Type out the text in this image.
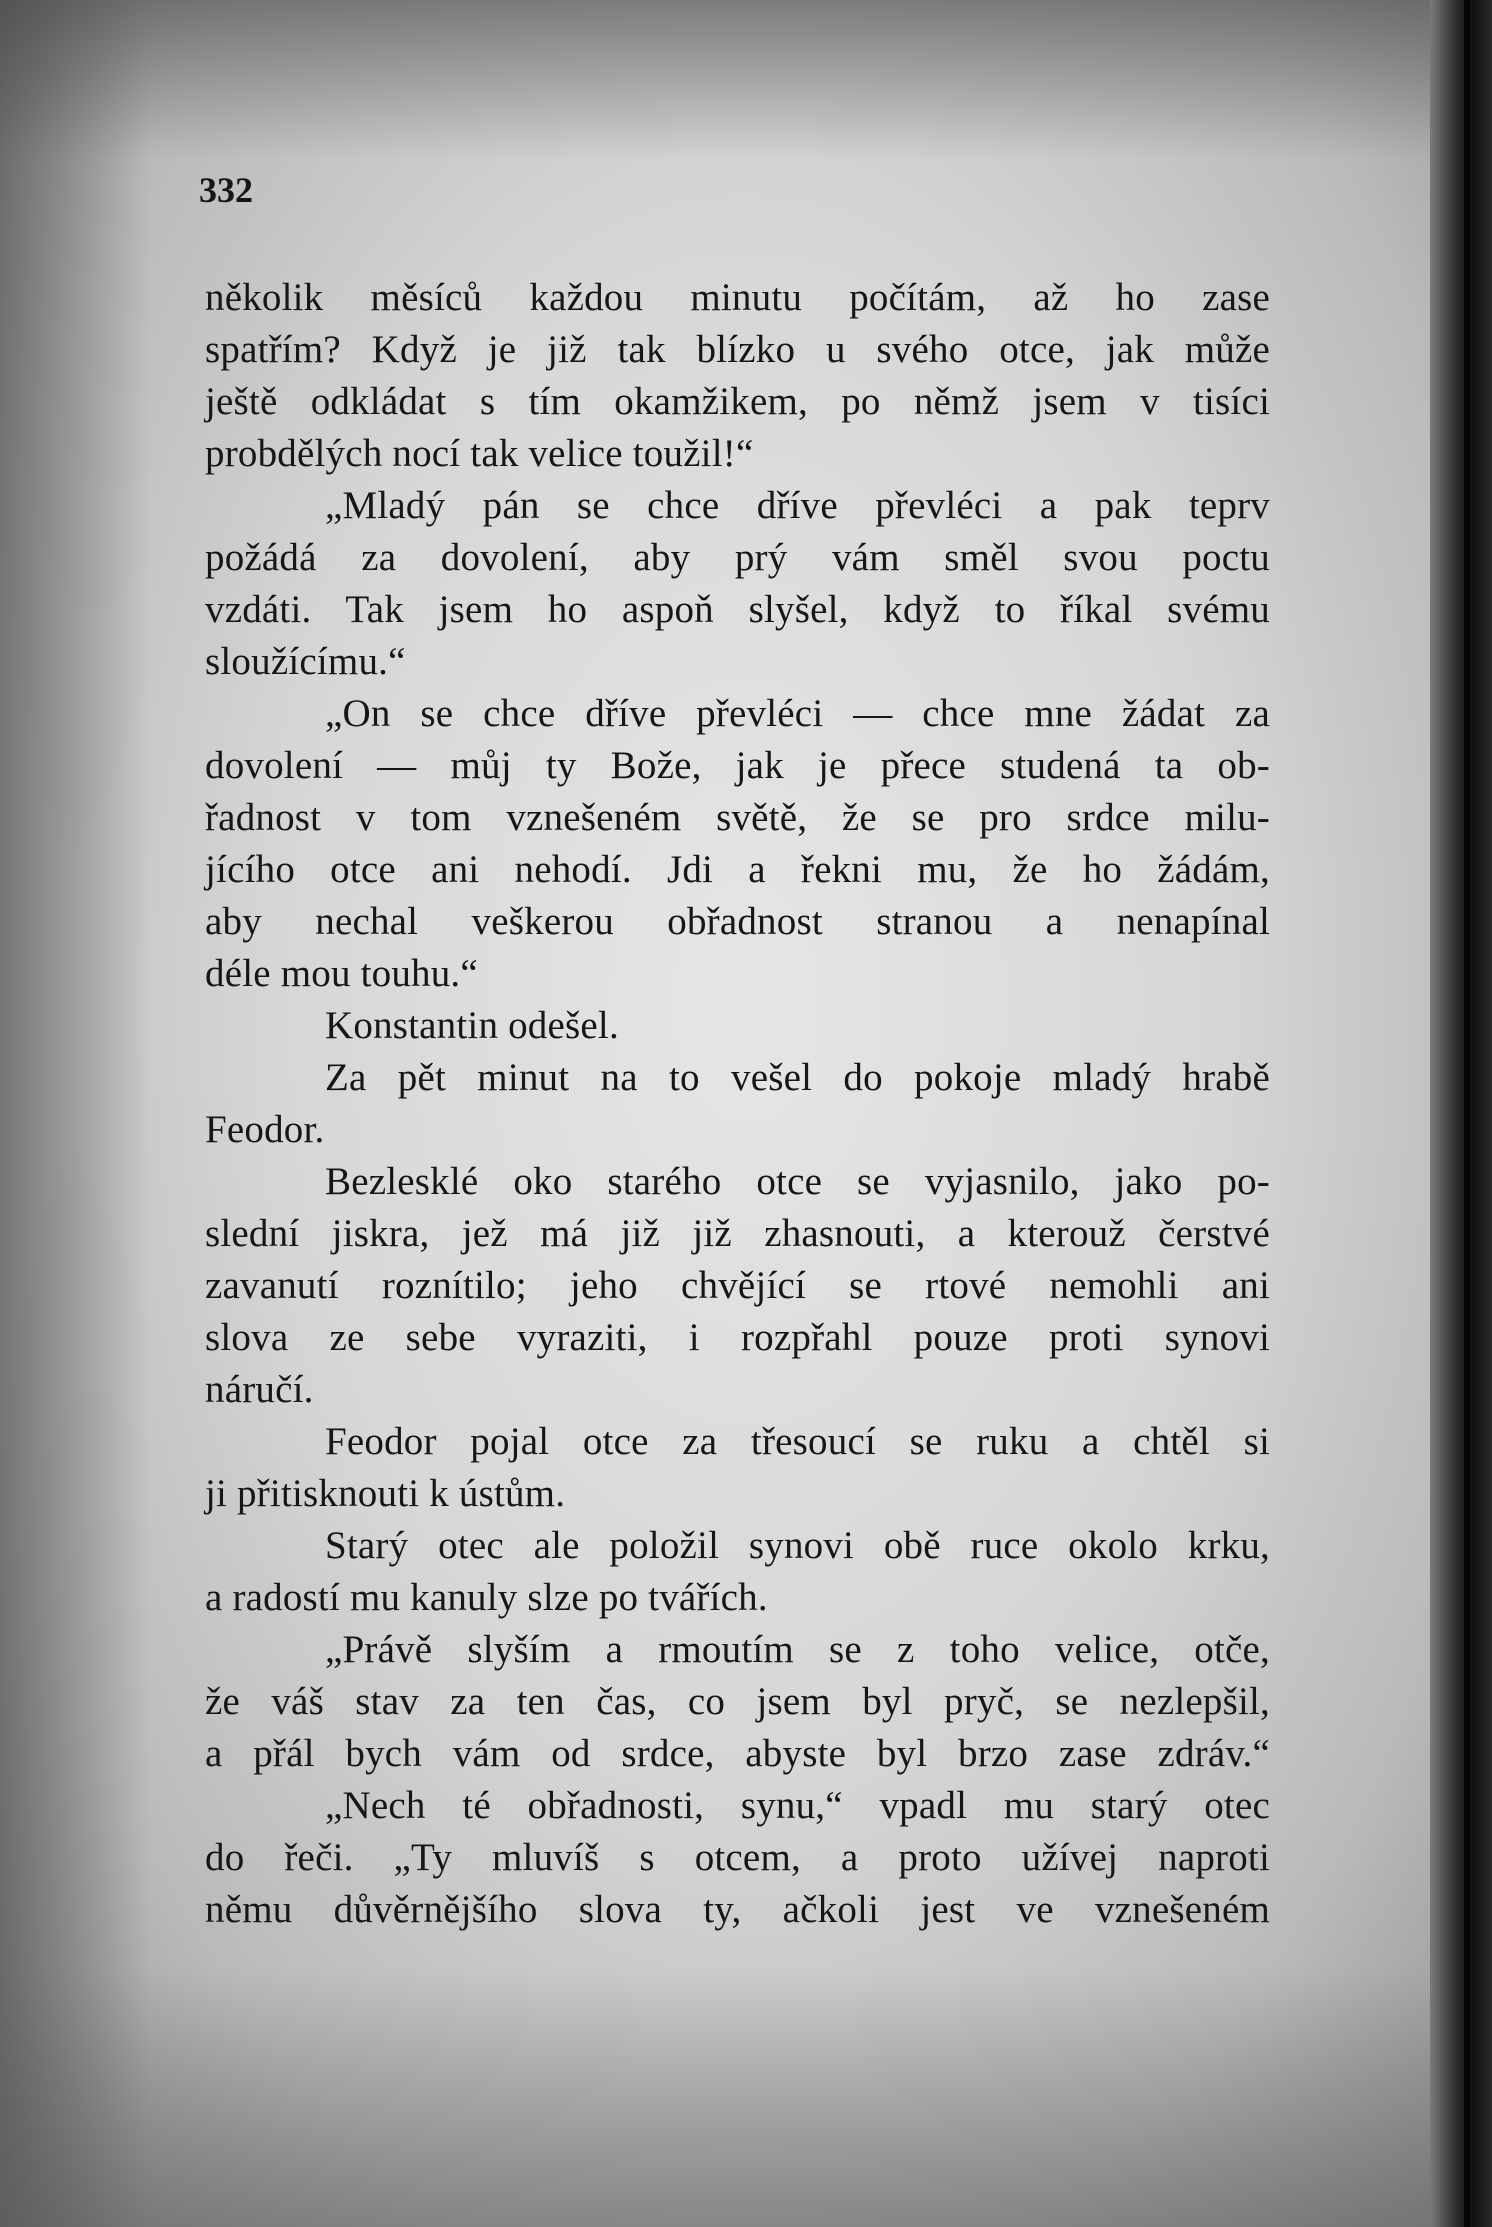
332
několik měsíců každou minutu počítám, až ho zase
spatřím? Když je již tak blízko u svého otce, jak může
ještě odkládat s tím okamžikem, po němž jsem v tisíci
probdělých nocí tak velice toužil!“
„Mladý pán se chce dříve převléci a pak teprv
požádá za dovolení, aby prý vám směl svou poctu
vzdáti. Tak jsem ho aspoň slyšel, když to říkal svému
sloužícímu.“
„On se chce dříve převléci — chce mne žádat za
dovolení — můj ty Bože, jak je přece studená ta ob-
řadnost v tom vznešeném světě, že se pro srdce milu-
jícího otce ani nehodí. Jdi a řekni mu, že ho žádám,
aby nechal veškerou obřadnost stranou a nenapínal
déle mou touhu.“
Konstantin odešel.
Za pět minut na to vešel do pokoje mladý hrabě
Feodor.
Bezlesklé oko starého otce se vyjasnilo, jako po-
slední jiskra, jež má již již zhasnouti, a kterouž čerstvé
zavanutí roznítilo; jeho chvějící se rtové nemohli ani
slova ze sebe vyraziti, i rozpřahl pouze proti synovi
náručí.
Feodor pojal otce za třesoucí se ruku a chtěl si
ji přitisknouti k ústům.
Starý otec ale položil synovi obě ruce okolo krku,
a radostí mu kanuly slze po tvářích.
„Právě slyším a rmoutím se z toho velice, otče,
že váš stav za ten čas, co jsem byl pryč, se nezlepšil,
a přál bych vám od srdce, abyste byl brzo zase zdráv.“
„Nech té obřadnosti, synu,“ vpadl mu starý otec
do řeči. „Ty mluvíš s otcem, a proto užívej naproti
němu důvěrnějšího slova ty, ačkoli jest ve vznešeném
